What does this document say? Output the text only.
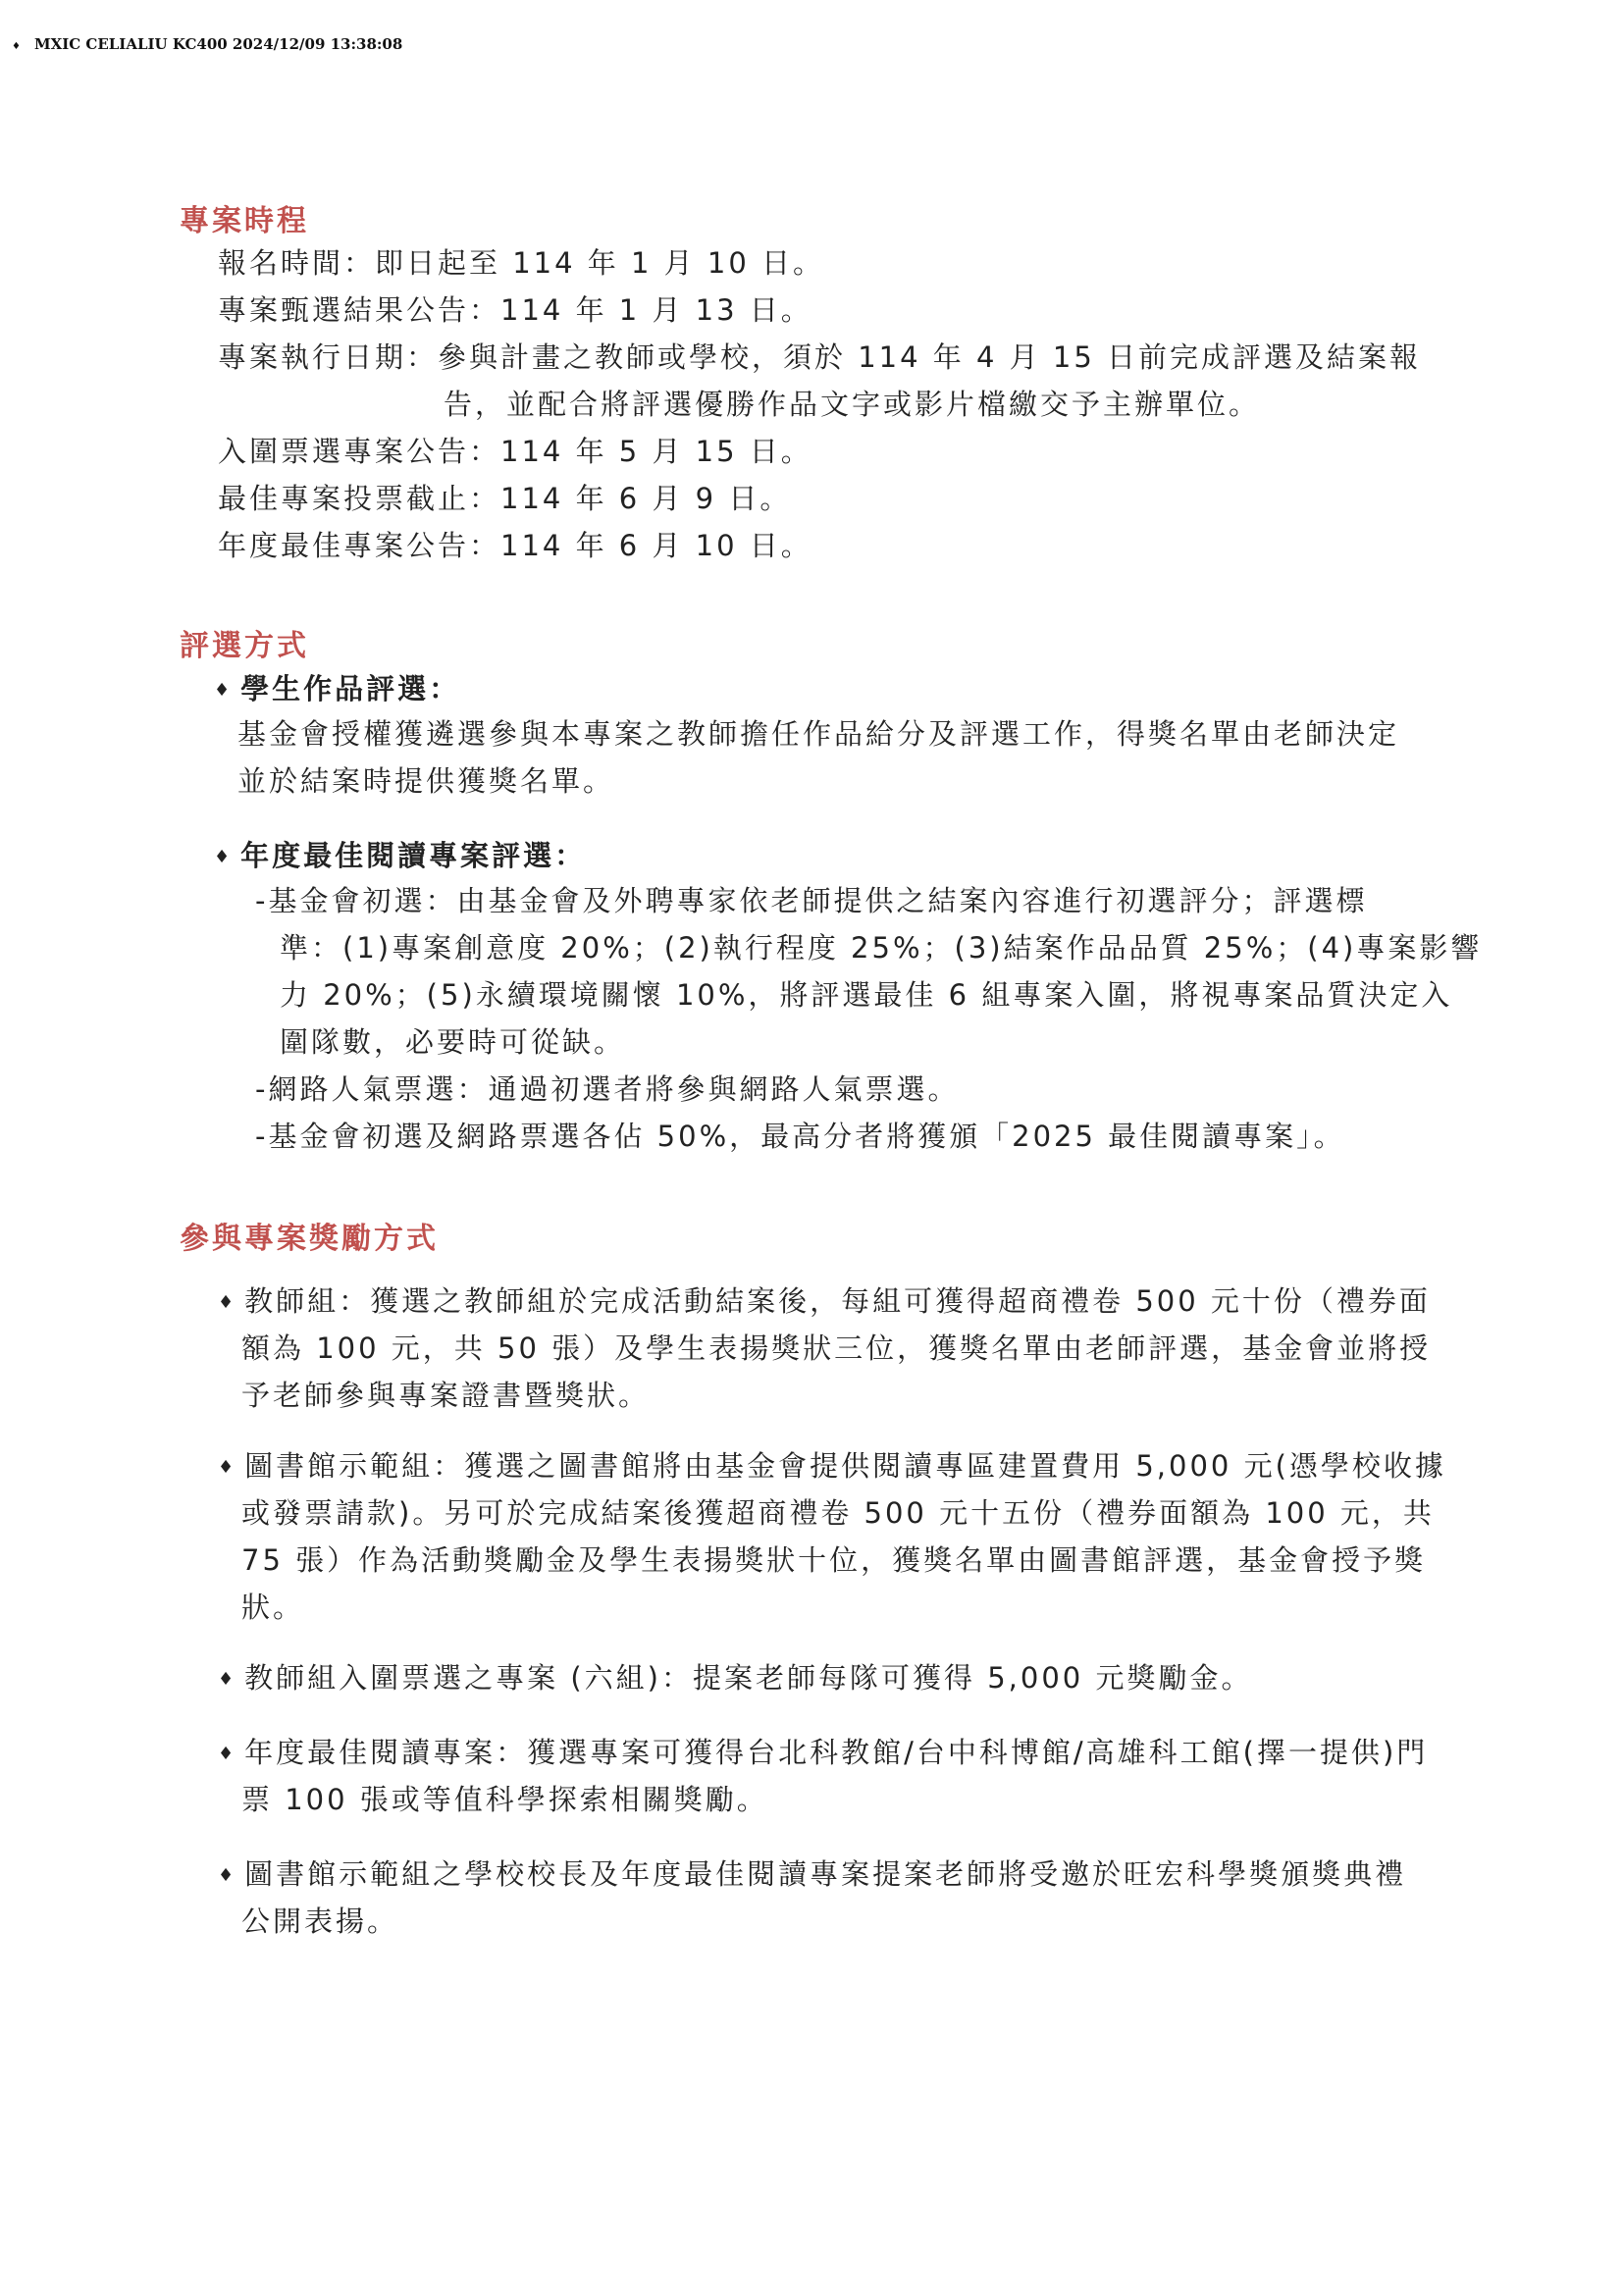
♦ MXIC CELIALIU KC400 2024/12/09 13:38:08
專案時程
報名時間：即日起至 114 年 1 月 10 日。
專案甄選結果公告：114 年 1 月 13 日。
專案執行日期：參與計畫之教師或學校，須於 114 年 4 月 15 日前完成評選及結案報
告，並配合將評選優勝作品文字或影片檔繳交予主辦單位。
入圍票選專案公告：114 年 5 月 15 日。
最佳專案投票截止：114 年 6 月 9 日。
年度最佳專案公告：114 年 6 月 10 日。
評選方式
♦ 學生作品評選：
基金會授權獲遴選參與本專案之教師擔任作品給分及評選工作，得獎名單由老師決定
並於結案時提供獲獎名單。
♦ 年度最佳閱讀專案評選：
-基金會初選：由基金會及外聘專家依老師提供之結案內容進行初選評分；評選標
準：(1)專案創意度 20%；(2)執行程度 25%；(3)結案作品品質 25%；(4)專案影響
力 20%；(5)永續環境關懷 10%，將評選最佳 6 組專案入圍，將視專案品質決定入
圍隊數，必要時可從缺。
-網路人氣票選：通過初選者將參與網路人氣票選。
-基金會初選及網路票選各佔 50%，最高分者將獲頒「2025 最佳閱讀專案」。
參與專案獎勵方式
♦ 教師組：獲選之教師組於完成活動結案後，每組可獲得超商禮卷 500 元十份（禮券面
額為 100 元，共 50 張）及學生表揚獎狀三位，獲獎名單由老師評選，基金會並將授
予老師參與專案證書暨獎狀。
♦ 圖書館示範組：獲選之圖書館將由基金會提供閱讀專區建置費用 5,000 元(憑學校收據
或發票請款)。另可於完成結案後獲超商禮卷 500 元十五份（禮券面額為 100 元，共
75 張）作為活動獎勵金及學生表揚獎狀十位，獲獎名單由圖書館評選，基金會授予獎
狀。
♦ 教師組入圍票選之專案 (六組)：提案老師每隊可獲得 5,000 元獎勵金。
♦ 年度最佳閱讀專案：獲選專案可獲得台北科教館/台中科博館/高雄科工館(擇一提供)門
票 100 張或等值科學探索相關獎勵。
♦ 圖書館示範組之學校校長及年度最佳閱讀專案提案老師將受邀於旺宏科學獎頒獎典禮
公開表揚。
